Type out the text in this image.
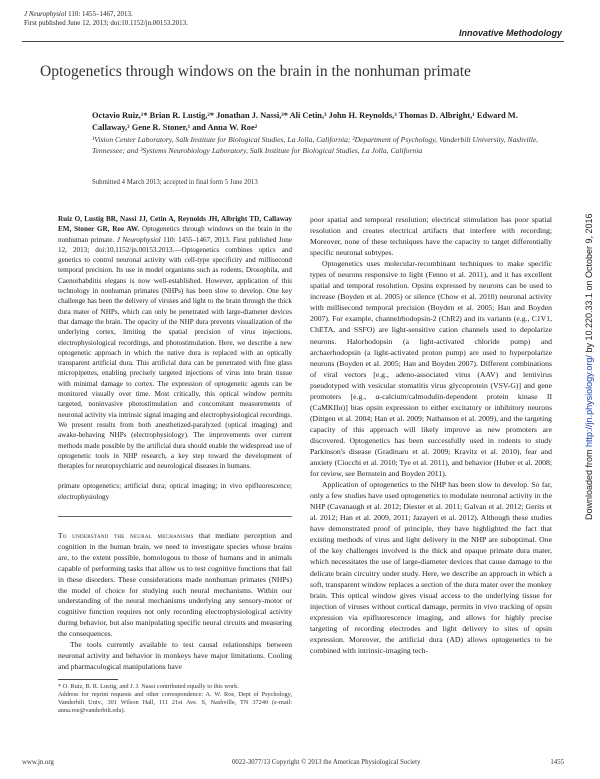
J Neurophysiol 110: 1455–1467, 2013.
First published June 12, 2013; doi:10.1152/jn.00153.2013.
Innovative Methodology
Optogenetics through windows on the brain in the nonhuman primate
Octavio Ruiz,¹* Brian R. Lustig,²* Jonathan J. Nassi,³* Ali Cetin,³ John H. Reynolds,³ Thomas D. Albright,¹ Edward M. Callaway,³ Gene R. Stoner,¹ and Anna W. Roe²
¹Vision Center Laboratory, Salk Institute for Biological Studies, La Jolla, California; ²Department of Psychology, Vanderbilt University, Nashville, Tennessee; and ³Systems Neurobiology Laboratory, Salk Institute for Biological Studies, La Jolla, California
Submitted 4 March 2013; accepted in final form 5 June 2013
Ruiz O, Lustig BR, Nassi JJ, Cetin A, Reynolds JH, Albright TD, Callaway EM, Stoner GR, Roe AW. Optogenetics through windows on the brain in the nonhuman primate. J Neurophysiol 110: 1455–1467, 2013. First published June 12, 2013; doi:10.1152/jn.00153.2013.—Optogenetics combines optics and genetics to control neuronal activity with cell-type specificity and millisecond temporal precision. Its use in model organisms such as rodents, Drosophila, and Caenorhabditis elegans is now well-established. However, application of this technology in nonhuman primates (NHPs) has been slow to develop. One key challenge has been the delivery of viruses and light to the brain through the thick dura mater of NHPs, which can only be penetrated with large-diameter devices that damage the brain. The opacity of the NHP dura prevents visualization of the underlying cortex, limiting the spatial precision of virus injections, electrophysiological recordings, and photostimulation. Here, we describe a new optogenetic approach in which the native dura is replaced with an optically transparent artificial dura. This artificial dura can be penetrated with fine glass micropipettes, enabling precisely targeted injections of virus into brain tissue with minimal damage to cortex. The expression of optogenetic agents can be monitored visually over time. Most critically, this optical window permits targeted, noninvasive photostimulation and concomitant measurements of neuronal activity via intrinsic signal imaging and electrophysiological recordings. We present results from both anesthetized-paralyzed (optical imaging) and awake-behaving NHPs (electrophysiology). The improvements over current methods made possible by the artificial dura should enable the widespread use of optogenetic tools in NHP research, a key step toward the development of therapies for neuropsychiatric and neurological diseases in humans.
primate optogenetics; artificial dura; optical imaging; in vivo epifluorescence; electrophysiology

To understand the neural mechanisms that mediate perception and cognition in the human brain, we need to investigate species whose brains are, to the extent possible, homologous to those of humans and in animals capable of performing tasks that allow us to test cognitive functions that fail in these disorders. These considerations made nonhuman primates (NHPs) the model of choice for studying such neural mechanisms. Within our understanding of the neural mechanisms underlying any sensory-motor or cognitive function requires not only recording electrophysiological activity during behavior, but also manipulating specific neural circuits and measuring the consequences.

The tools currently available to test causal relationships between neuronal activity and behavior in monkeys have major limitations. Cooling and pharmacological manipulations have

* O. Ruiz, B. R. Lustig, and J. J. Nassi contributed equally to this work.
Address for reprint requests and other correspondence: A. W. Roe, Dept of Psychology, Vanderbilt Univ., 301 Wilson Hall, 111 21st Ave. S, Nashville, TN 37240 (e-mail: anna.roe@vanderbilt.edu).

poor spatial and temporal resolution; electrical stimulation has poor spatial resolution and creates electrical artifacts that interfere with recording; Moreover, none of these techniques have the capacity to target differentially specific neuronal subtypes.

Optogenetics uses molecular-recombinant techniques to make specific types of neurons responsive to light (Fenno et al. 2011), and it has excellent spatial and temporal resolution. Opsins expressed by neurons can be used to increase (Boyden et al. 2005) or silence (Chow et al. 2010) neuronal activity with millisecond temporal precision (Boyden et al. 2005; Han and Boyden 2007). For example, channelrhodopsin-2 (ChR2) and its variants (e.g., C1V1, ChETA, and SSFO) are light-sensitive cation channels used to depolarize neurons. Halorhodopsin (a light-activated chloride pump) and archaerhodopsin (a light-activated proton pump) are used to hyperpolarize neurons (Boyden et al. 2005; Han and Boyden 2007). Different combinations of viral vectors [e.g., adeno-associated virus (AAV) and lentivirus pseudotyped with vesicular stomatitis virus glycoprotein (VSV-G)] and gene promoters [e.g., α-calcium/calmodulin-dependent protein kinase II (CaMKIIα)] bias opsin expression to either excitatory or inhibitory neurons (Dittgen et al. 2004; Han et al. 2009; Nathanson et al. 2009), and the targeting capacity of this approach will likely improve as new promoters are discovered. Optogenetics has been successfully used in rodents to study Parkinson's disease (Gradinaru et al. 2009; Kravitz et al. 2010), fear and anxiety (Ciocchi et al. 2010; Tye et al. 2011), and behavior (Huber et al. 2008; for review, see Bernstein and Boyden 2011).

Application of optogenetics to the NHP has been slow to develop. So far, only a few studies have used optogenetics to modulate neuronal activity in the NHP (Cavanaugh et al. 2012; Diester et al. 2011; Galvan et al. 2012; Gerits et al. 2012; Han et al. 2009, 2011; Jazayeri et al. 2012). Although these studies have demonstrated proof of principle, they have highlighted the fact that existing methods of virus and light delivery in the NHP are suboptimal. One of the key challenges involved is the thick and opaque primate dura mater, which necessitates the use of large-diameter devices that cause damage to the delicate brain circuitry under study. Here, we describe an approach in which a soft, transparent window replaces a section of the dura mater over the monkey brain. This optical window gives visual access to the underlying tissue for injection of viruses without cortical damage, permits in vivo tracking of opsin expression via epifluorescence imaging, and allows for highly precise targeting of recording electrodes and light delivery to sites of opsin expression. Moreover, the artificial dura (AD) allows optogenetics to be combined with intrinsic-imaging tech-

www.jn.org	0022-3077/13 Copyright © 2013 the American Physiological Society	1455
Downloaded from http://jn.physiology.org/ by 10.220.33.1 on October 9, 2016
